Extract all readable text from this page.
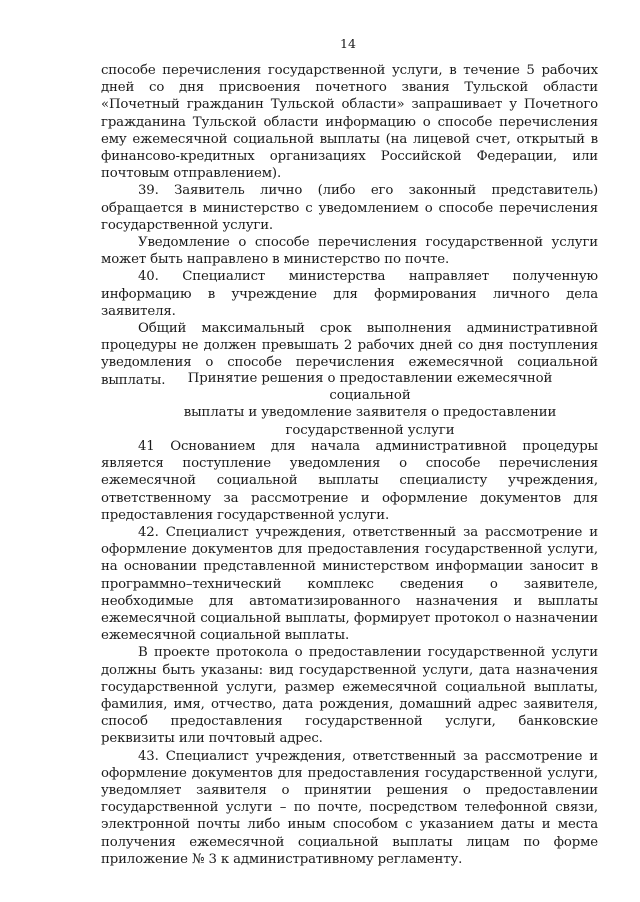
14

способе перечисления государственной услуги, в течение 5 рабочих дней со дня присвоения почетного звания Тульской области «Почетный гражданин Тульской области» запрашивает у Почетного гражданина Тульской области информацию о способе перечисления ему ежемесячной социальной выплаты (на лицевой счет, открытый в финансово-кредитных организациях Российской Федерации, или почтовым отправлением).

39. Заявитель лично (либо его законный представитель) обращается в министерство с уведомлением о способе перечисления государственной услуги.

Уведомление о способе перечисления государственной услуги может быть направлено в министерство по почте.

40. Специалист министерства направляет полученную информацию в учреждение для формирования личного дела заявителя.

Общий максимальный срок выполнения административной процедуры не должен превышать 2 рабочих дней со дня поступления уведомления о способе перечисления ежемесячной социальной выплаты.	Принятие решения о предоставлении ежемесячной социальной
выплаты и уведомление заявителя о предоставлении
государственной услуги

41 Основанием для начала административной процедуры является поступление уведомления о способе перечисления ежемесячной социальной выплаты специалисту учреждения, ответственному за рассмотрение и оформление документов для предоставления государственной услуги.

42. Специалист учреждения, ответственный за рассмотрение и оформление документов для предоставления государственной услуги, на основании представленной министерством информации заносит в программно–технический комплекс сведения о заявителе, необходимые для автоматизированного назначения и выплаты ежемесячной социальной выплаты, формирует протокол о назначении ежемесячной социальной выплаты.

В проекте протокола о предоставлении государственной услуги должны быть указаны: вид государственной услуги, дата назначения государственной услуги, размер ежемесячной социальной выплаты, фамилия, имя, отчество, дата рождения, домашний адрес заявителя, способ предоставления государственной услуги, банковские реквизиты или почтовый адрес.

43. Специалист учреждения, ответственный за рассмотрение и оформление документов для предоставления государственной услуги, уведомляет заявителя о принятии решения о предоставлении государственной услуги – по почте, посредством телефонной связи, электронной почты либо иным способом с указанием даты и места получения ежемесячной социальной выплаты лицам по форме приложение № 3 к административному регламенту.
